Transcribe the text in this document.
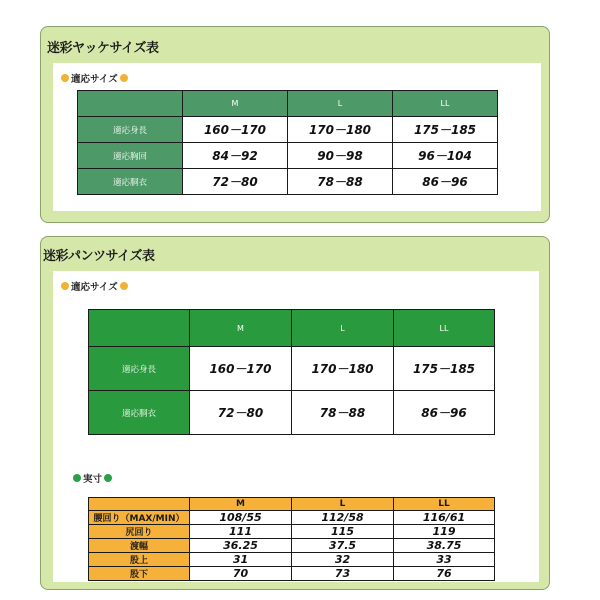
迷彩ヤッケサイズ表
適応サイズ
	M	L	LL
適応身長	160－170	170－180	175－185
適応胸回	84－92	90－98	96－104
適応胴衣	72－80	78－88	86－96
迷彩パンツサイズ表
適応サイズ
	M	L	LL
適応身長	160－170	170－180	175－185
適応胴衣	72－80	78－88	86－96
実寸
	M	L	LL
腰回り（MAX/MIN）	108/55	112/58	116/61
尻回り	111	115	119
渡幅	36.25	37.5	38.75
股上	31	32	33
股下	70	73	76
